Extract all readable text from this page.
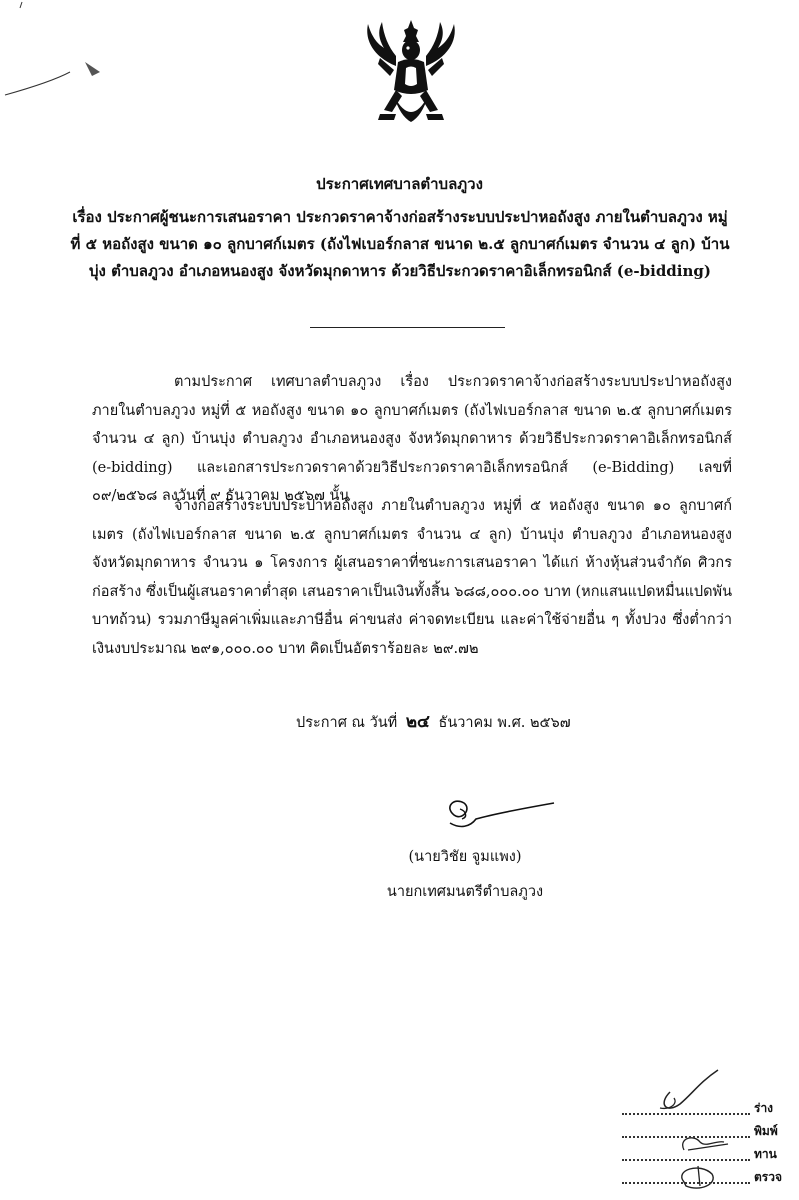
ประกาศเทศบาลตำบลภูวง
เรื่อง ประกาศผู้ชนะการเสนอราคา ประกวดราคาจ้างก่อสร้างระบบประปาหอถังสูง ภายในตำบลภูวง หมู่ที่ ๕ หอถังสูง ขนาด ๑๐ ลูกบาศก์เมตร (ถังไฟเบอร์กลาส ขนาด ๒.๕ ลูกบาศก์เมตร จำนวน ๔ ลูก) บ้านบุ่ง ตำบลภูวง อำเภอหนองสูง จังหวัดมุกดาหาร ด้วยวิธีประกวดราคาอิเล็กทรอนิกส์ (e-bidding)
ตามประกาศ เทศบาลตำบลภูวง เรื่อง ประกวดราคาจ้างก่อสร้างระบบประปาหอถังสูง ภายในตำบลภูวง หมู่ที่ ๕ หอถังสูง ขนาด ๑๐ ลูกบาศก์เมตร (ถังไฟเบอร์กลาส ขนาด ๒.๕ ลูกบาศก์เมตร จำนวน ๔ ลูก) บ้านบุ่ง ตำบลภูวง อำเภอหนองสูง จังหวัดมุกดาหาร ด้วยวิธีประกวดราคาอิเล็กทรอนิกส์ (e-bidding) และเอกสารประกวดราคาด้วยวิธีประกวดราคาอิเล็กทรอนิกส์ (e-Bidding) เลขที่ ๐๙/๒๕๖๘ ลงวันที่ ๙ ธันวาคม ๒๕๖๗ นั้น
จ้างก่อสร้างระบบประปาหอถังสูง ภายในตำบลภูวง หมู่ที่ ๕ หอถังสูง ขนาด ๑๐ ลูกบาศก์เมตร (ถังไฟเบอร์กลาส ขนาด ๒.๕ ลูกบาศก์เมตร จำนวน ๔ ลูก) บ้านบุ่ง ตำบลภูวง อำเภอหนองสูง จังหวัดมุกดาหาร จำนวน ๑ โครงการ ผู้เสนอราคาที่ชนะการเสนอราคา ได้แก่ ห้างหุ้นส่วนจำกัด ศิวกรก่อสร้าง ซึ่งเป็นผู้เสนอราคาต่ำสุด เสนอราคาเป็นเงินทั้งสิ้น ๖๘๘,๐๐๐.๐๐ บาท (หกแสนแปดหมื่นแปดพันบาทถ้วน) รวมภาษีมูลค่าเพิ่มและภาษีอื่น ค่าขนส่ง ค่าจดทะเบียน และค่าใช้จ่ายอื่น ๆ ทั้งปวง ซึ่งต่ำกว่าเงินงบประมาณ ๒๙๑,๐๐๐.๐๐ บาท คิดเป็นอัตราร้อยละ ๒๙.๗๒
ประกาศ ณ วันที่ ๒๔ ธันวาคม พ.ศ. ๒๕๖๗
(นายวิชัย จูมแพง)
นายกเทศมนตรีตำบลภูวง
ร่าง
พิมพ์
ทาน
ตรวจ
